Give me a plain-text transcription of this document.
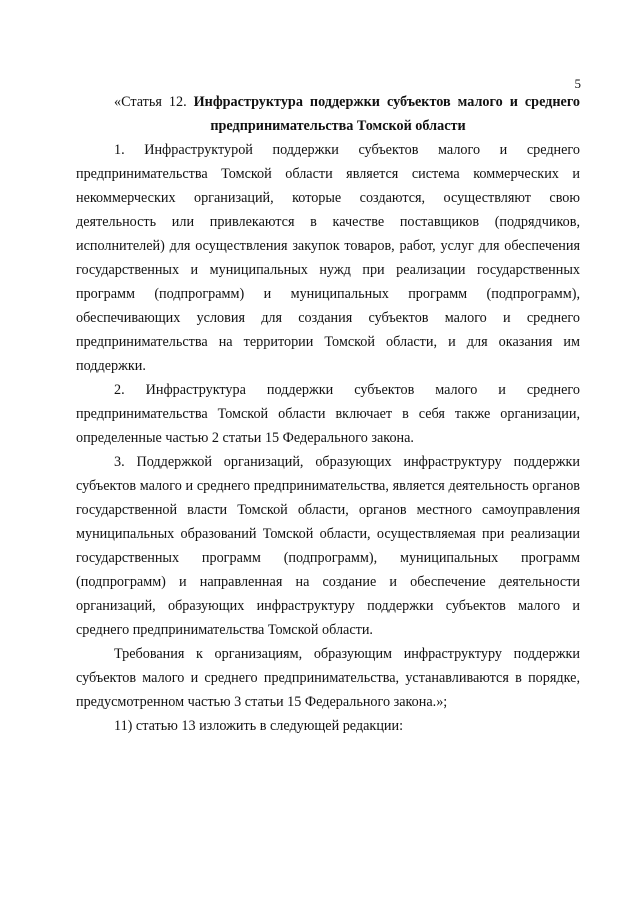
5

«Статья 12. Инфраструктура поддержки субъектов малого и среднего

предпринимательства Томской области

1. Инфраструктурой поддержки субъектов малого и среднего предпринимательства Томской области является система коммерческих и некоммерческих организаций, которые создаются, осуществляют свою деятельность или привлекаются в качестве поставщиков (подрядчиков, исполнителей) для осуществления закупок товаров, работ, услуг для обеспечения государственных и муниципальных нужд при реализации государственных программ (подпрограмм) и муниципальных программ (подпрограмм), обеспечивающих условия для создания субъектов малого и среднего предпринимательства на территории Томской области, и для оказания им поддержки.

2. Инфраструктура поддержки субъектов малого и среднего предпринимательства Томской области включает в себя также организации, определенные частью 2 статьи 15 Федерального закона.

3. Поддержкой организаций, образующих инфраструктуру поддержки субъектов малого и среднего предпринимательства, является деятельность органов государственной власти Томской области, органов местного самоуправления муниципальных образований Томской области, осуществляемая при реализации государственных программ (подпрограмм), муниципальных программ (подпрограмм) и направленная на создание и обеспечение деятельности организаций, образующих инфраструктуру поддержки субъектов малого и среднего предпринимательства Томской области.

Требования к организациям, образующим инфраструктуру поддержки субъектов малого и среднего предпринимательства, устанавливаются в порядке, предусмотренном частью 3 статьи 15 Федерального закона.»;

11) статью 13 изложить в следующей редакции:
